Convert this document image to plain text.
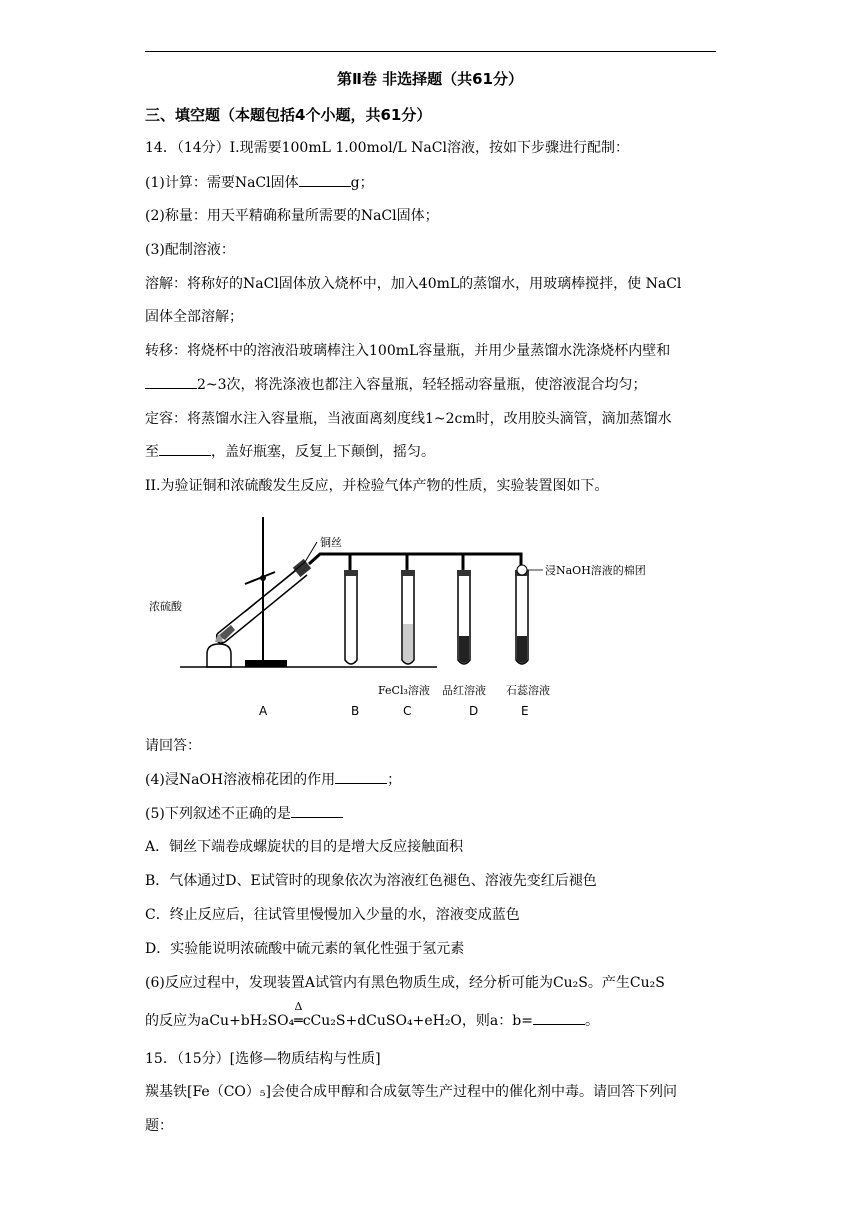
第Ⅱ卷 非选择题（共61分）
三、填空题（本题包括4个小题，共61分）
14．（14分）I.现需要100mL 1.00mol/L NaCl溶液，按如下步骤进行配制：
(1)计算：需要NaCl固体	g；
(2)称量：用天平精确称量所需要的NaCl固体；
(3)配制溶液：
溶解：将称好的NaCl固体放入烧杯中，加入40mL的蒸馏水，用玻璃棒搅拌，使 NaCl
固体全部溶解；
转移：将烧杯中的溶液沿玻璃棒注入100mL容量瓶，并用少量蒸馏水洗涤烧杯内壁和
2~3次，将洗涤液也都注入容量瓶，轻轻摇动容量瓶，使溶液混合均匀；
定容：将蒸馏水注入容量瓶，当液面离刻度线1~2cm时，改用胶头滴管，滴加蒸馏水
至	，盖好瓶塞，反复上下颠倒，摇匀。
II.为验证铜和浓硫酸发生反应，并检验气体产物的性质，实验装置图如下。
铜丝
浓硫酸
浸NaOH溶液的棉团
FeCl₃溶液 品红溶液 石蕊溶液
A	B	C	D	E
请回答：
(4)浸NaOH溶液棉花团的作用	；
(5)下列叙述不正确的是
A．铜丝下端卷成螺旋状的目的是增大反应接触面积
B．气体通过D、E试管时的现象依次为溶液红色褪色、溶液先变红后褪色
C．终止反应后，往试管里慢慢加入少量的水，溶液变成蓝色
D．实验能说明浓硫酸中硫元素的氧化性强于氢元素
(6)反应过程中，发现装置A试管内有黑色物质生成，经分析可能为Cu₂S。产生Cu₂S
的反应为aCu+bH₂SO₄
Δ
═cCu₂S+dCuSO₄+eH₂O，则a：b=	。
15．（15分）[选修—物质结构与性质]
羰基铁[Fe（CO）₅]会使合成甲醇和合成氨等生产过程中的催化剂中毒。请回答下列问
题：
